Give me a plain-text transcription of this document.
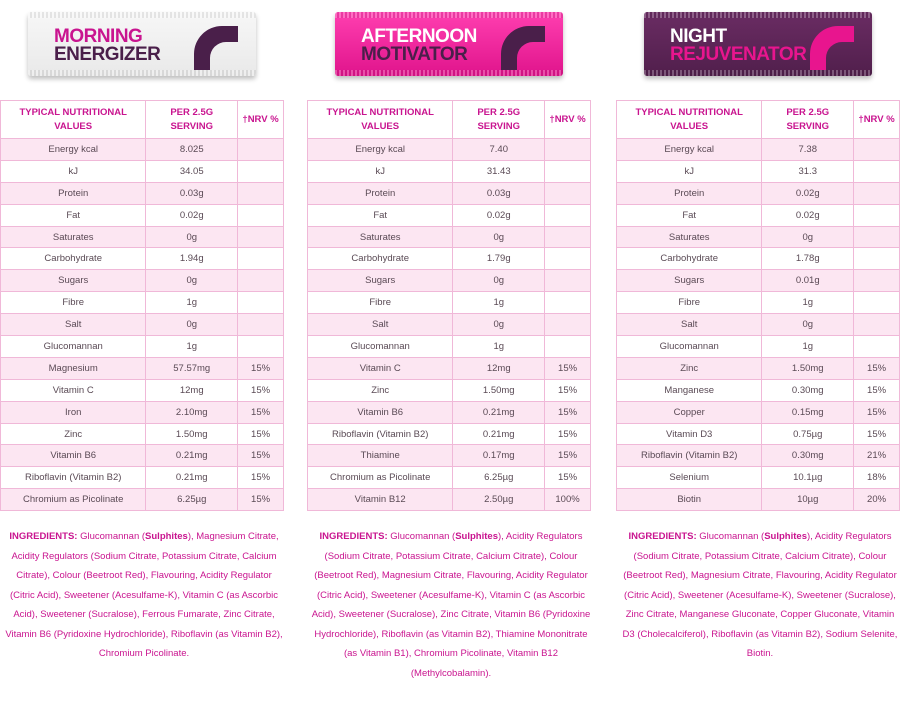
MORNING
ENERGIZER
TYPICAL NUTRITIONAL VALUES	PER 2.5G SERVING	†NRV %
Energy kcal	8.025	
kJ	34.05	
Protein	0.03g	
Fat	0.02g	
Saturates	0g	
Carbohydrate	1.94g	
Sugars	0g	
Fibre	1g	
Salt	0g	
Glucomannan	1g	
Magnesium	57.57mg	15%
Vitamin C	12mg	15%
Iron	2.10mg	15%
Zinc	1.50mg	15%
Vitamin B6	0.21mg	15%
Riboflavin (Vitamin B2)	0.21mg	15%
Chromium as Picolinate	6.25µg	15%
INGREDIENTS: Glucomannan (Sulphites), Magnesium Citrate, Acidity Regulators (Sodium Citrate, Potassium Citrate, Calcium Citrate), Colour (Beetroot Red), Flavouring, Acidity Regulator (Citric Acid), Sweetener (Acesulfame-K), Vitamin C (as Ascorbic Acid), Sweetener (Sucralose), Ferrous Fumarate, Zinc Citrate, Vitamin B6 (Pyridoxine Hydrochloride), Riboflavin (as Vitamin B2), Chromium Picolinate.
AFTERNOON
MOTIVATOR
TYPICAL NUTRITIONAL VALUES	PER 2.5G SERVING	†NRV %
Energy kcal	7.40	
kJ	31.43	
Protein	0.03g	
Fat	0.02g	
Saturates	0g	
Carbohydrate	1.79g	
Sugars	0g	
Fibre	1g	
Salt	0g	
Glucomannan	1g	
Vitamin C	12mg	15%
Zinc	1.50mg	15%
Vitamin B6	0.21mg	15%
Riboflavin (Vitamin B2)	0.21mg	15%
Thiamine	0.17mg	15%
Chromium as Picolinate	6.25µg	15%
Vitamin B12	2.50µg	100%
INGREDIENTS: Glucomannan (Sulphites), Acidity Regulators (Sodium Citrate, Potassium Citrate, Calcium Citrate), Colour (Beetroot Red), Magnesium Citrate, Flavouring, Acidity Regulator (Citric Acid), Sweetener (Acesulfame-K), Vitamin C (as Ascorbic Acid), Sweetener (Sucralose), Zinc Citrate, Vitamin B6 (Pyridoxine Hydrochloride), Riboflavin (as Vitamin B2), Thiamine Mononitrate (as Vitamin B1), Chromium Picolinate, Vitamin B12 (Methylcobalamin).
NIGHT
REJUVENATOR
TYPICAL NUTRITIONAL VALUES	PER 2.5G SERVING	†NRV %
Energy kcal	7.38	
kJ	31.3	
Protein	0.02g	
Fat	0.02g	
Saturates	0g	
Carbohydrate	1.78g	
Sugars	0.01g	
Fibre	1g	
Salt	0g	
Glucomannan	1g	
Zinc	1.50mg	15%
Manganese	0.30mg	15%
Copper	0.15mg	15%
Vitamin D3	0.75µg	15%
Riboflavin (Vitamin B2)	0.30mg	21%
Selenium	10.1µg	18%
Biotin	10µg	20%
INGREDIENTS: Glucomannan (Sulphites), Acidity Regulators (Sodium Citrate, Potassium Citrate, Calcium Citrate), Colour (Beetroot Red), Magnesium Citrate, Flavouring, Acidity Regulator (Citric Acid), Sweetener (Acesulfame-K), Sweetener (Sucralose), Zinc Citrate, Manganese Gluconate, Copper Gluconate, Vitamin D3 (Cholecalciferol), Riboflavin (as Vitamin B2), Sodium Selenite, Biotin.
